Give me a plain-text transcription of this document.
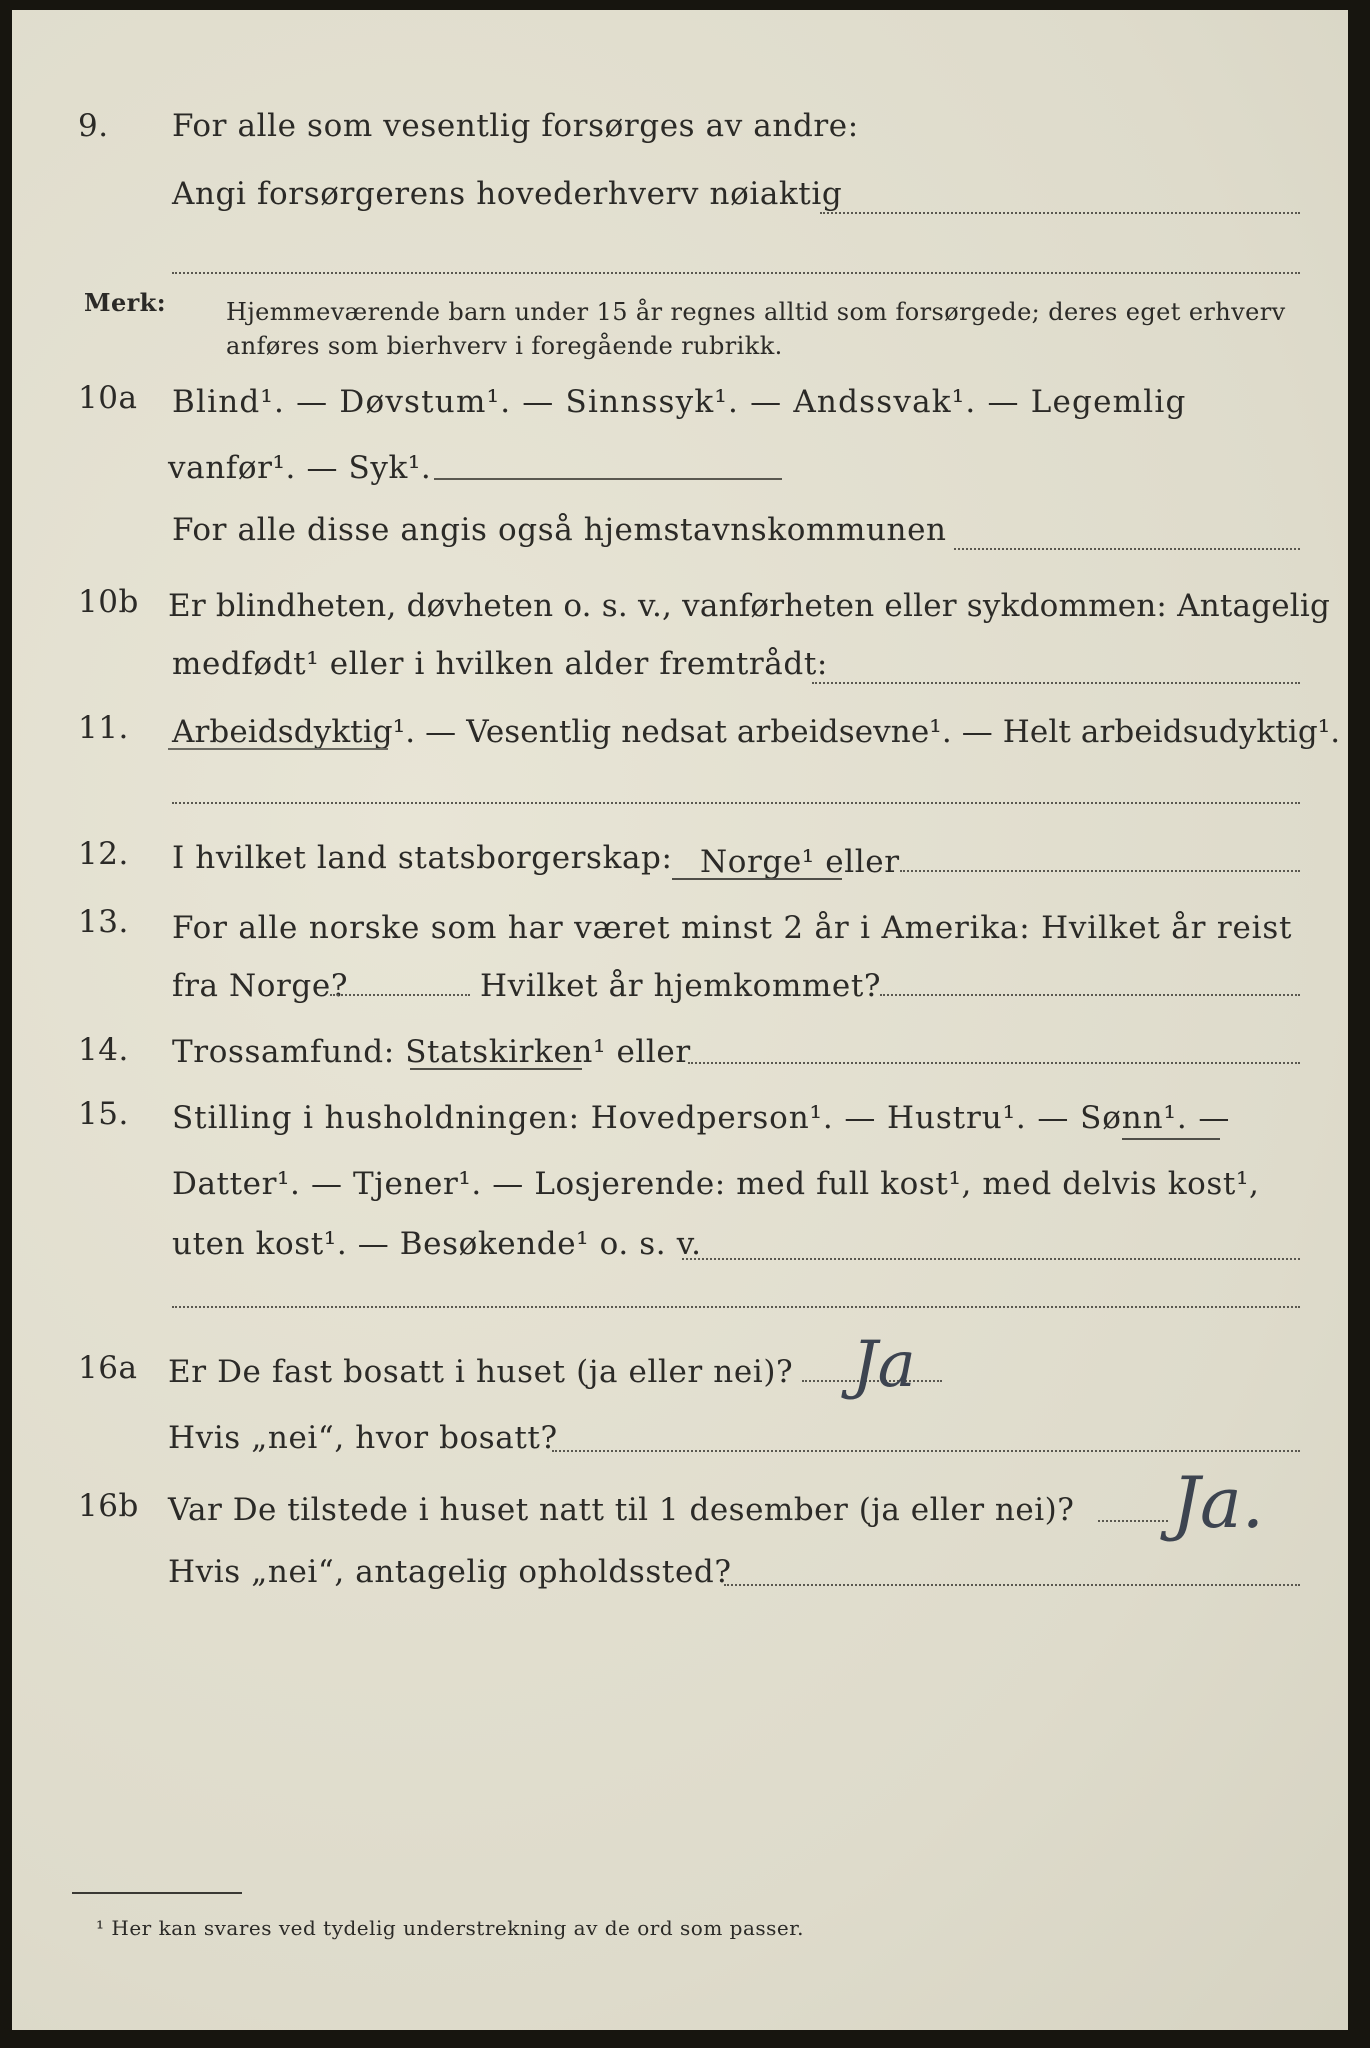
9. For alle som vesentlig forsørges av andre:
Angi forsørgerens hovederhverv nøiaktig
Merk:	Hjemmeværende barn under 15 år regnes alltid som forsørgede; deres eget erhverv
anføres som bierhverv i foregående rubrikk.
10a Blind¹. — Døvstum¹. — Sinnssyk¹. — Andssvak¹. — Legemlig
vanfør¹. — Syk¹.
For alle disse angis også hjemstavnskommunen
10b Er blindheten, døvheten o. s. v., vanførheten eller sykdommen: Antagelig
medfødt¹ eller i hvilken alder fremtrådt:
11. Arbeidsdyktig¹. — Vesentlig nedsat arbeidsevne¹. — Helt arbeidsudyktig¹.
12. I hvilket land statsborgerskap: Norge¹ eller
13. For alle norske som har været minst 2 år i Amerika: Hvilket år reist
fra Norge?	Hvilket år hjemkommet?
14. Trossamfund: Statskirken¹ eller
15. Stilling i husholdningen: Hovedperson¹. — Hustru¹. — Sønn¹. —
Datter¹. — Tjener¹. — Losjerende: med full kost¹, med delvis kost¹,
uten kost¹. — Besøkende¹ o. s. v.
16a Er De fast bosatt i huset (ja eller nei)? Ja
Hvis „nei“, hvor bosatt?
16b Var De tilstede i huset natt til 1 desember (ja eller nei)? Ja.
Hvis „nei“, antagelig opholdssted?
¹ Her kan svares ved tydelig understrekning av de ord som passer.
